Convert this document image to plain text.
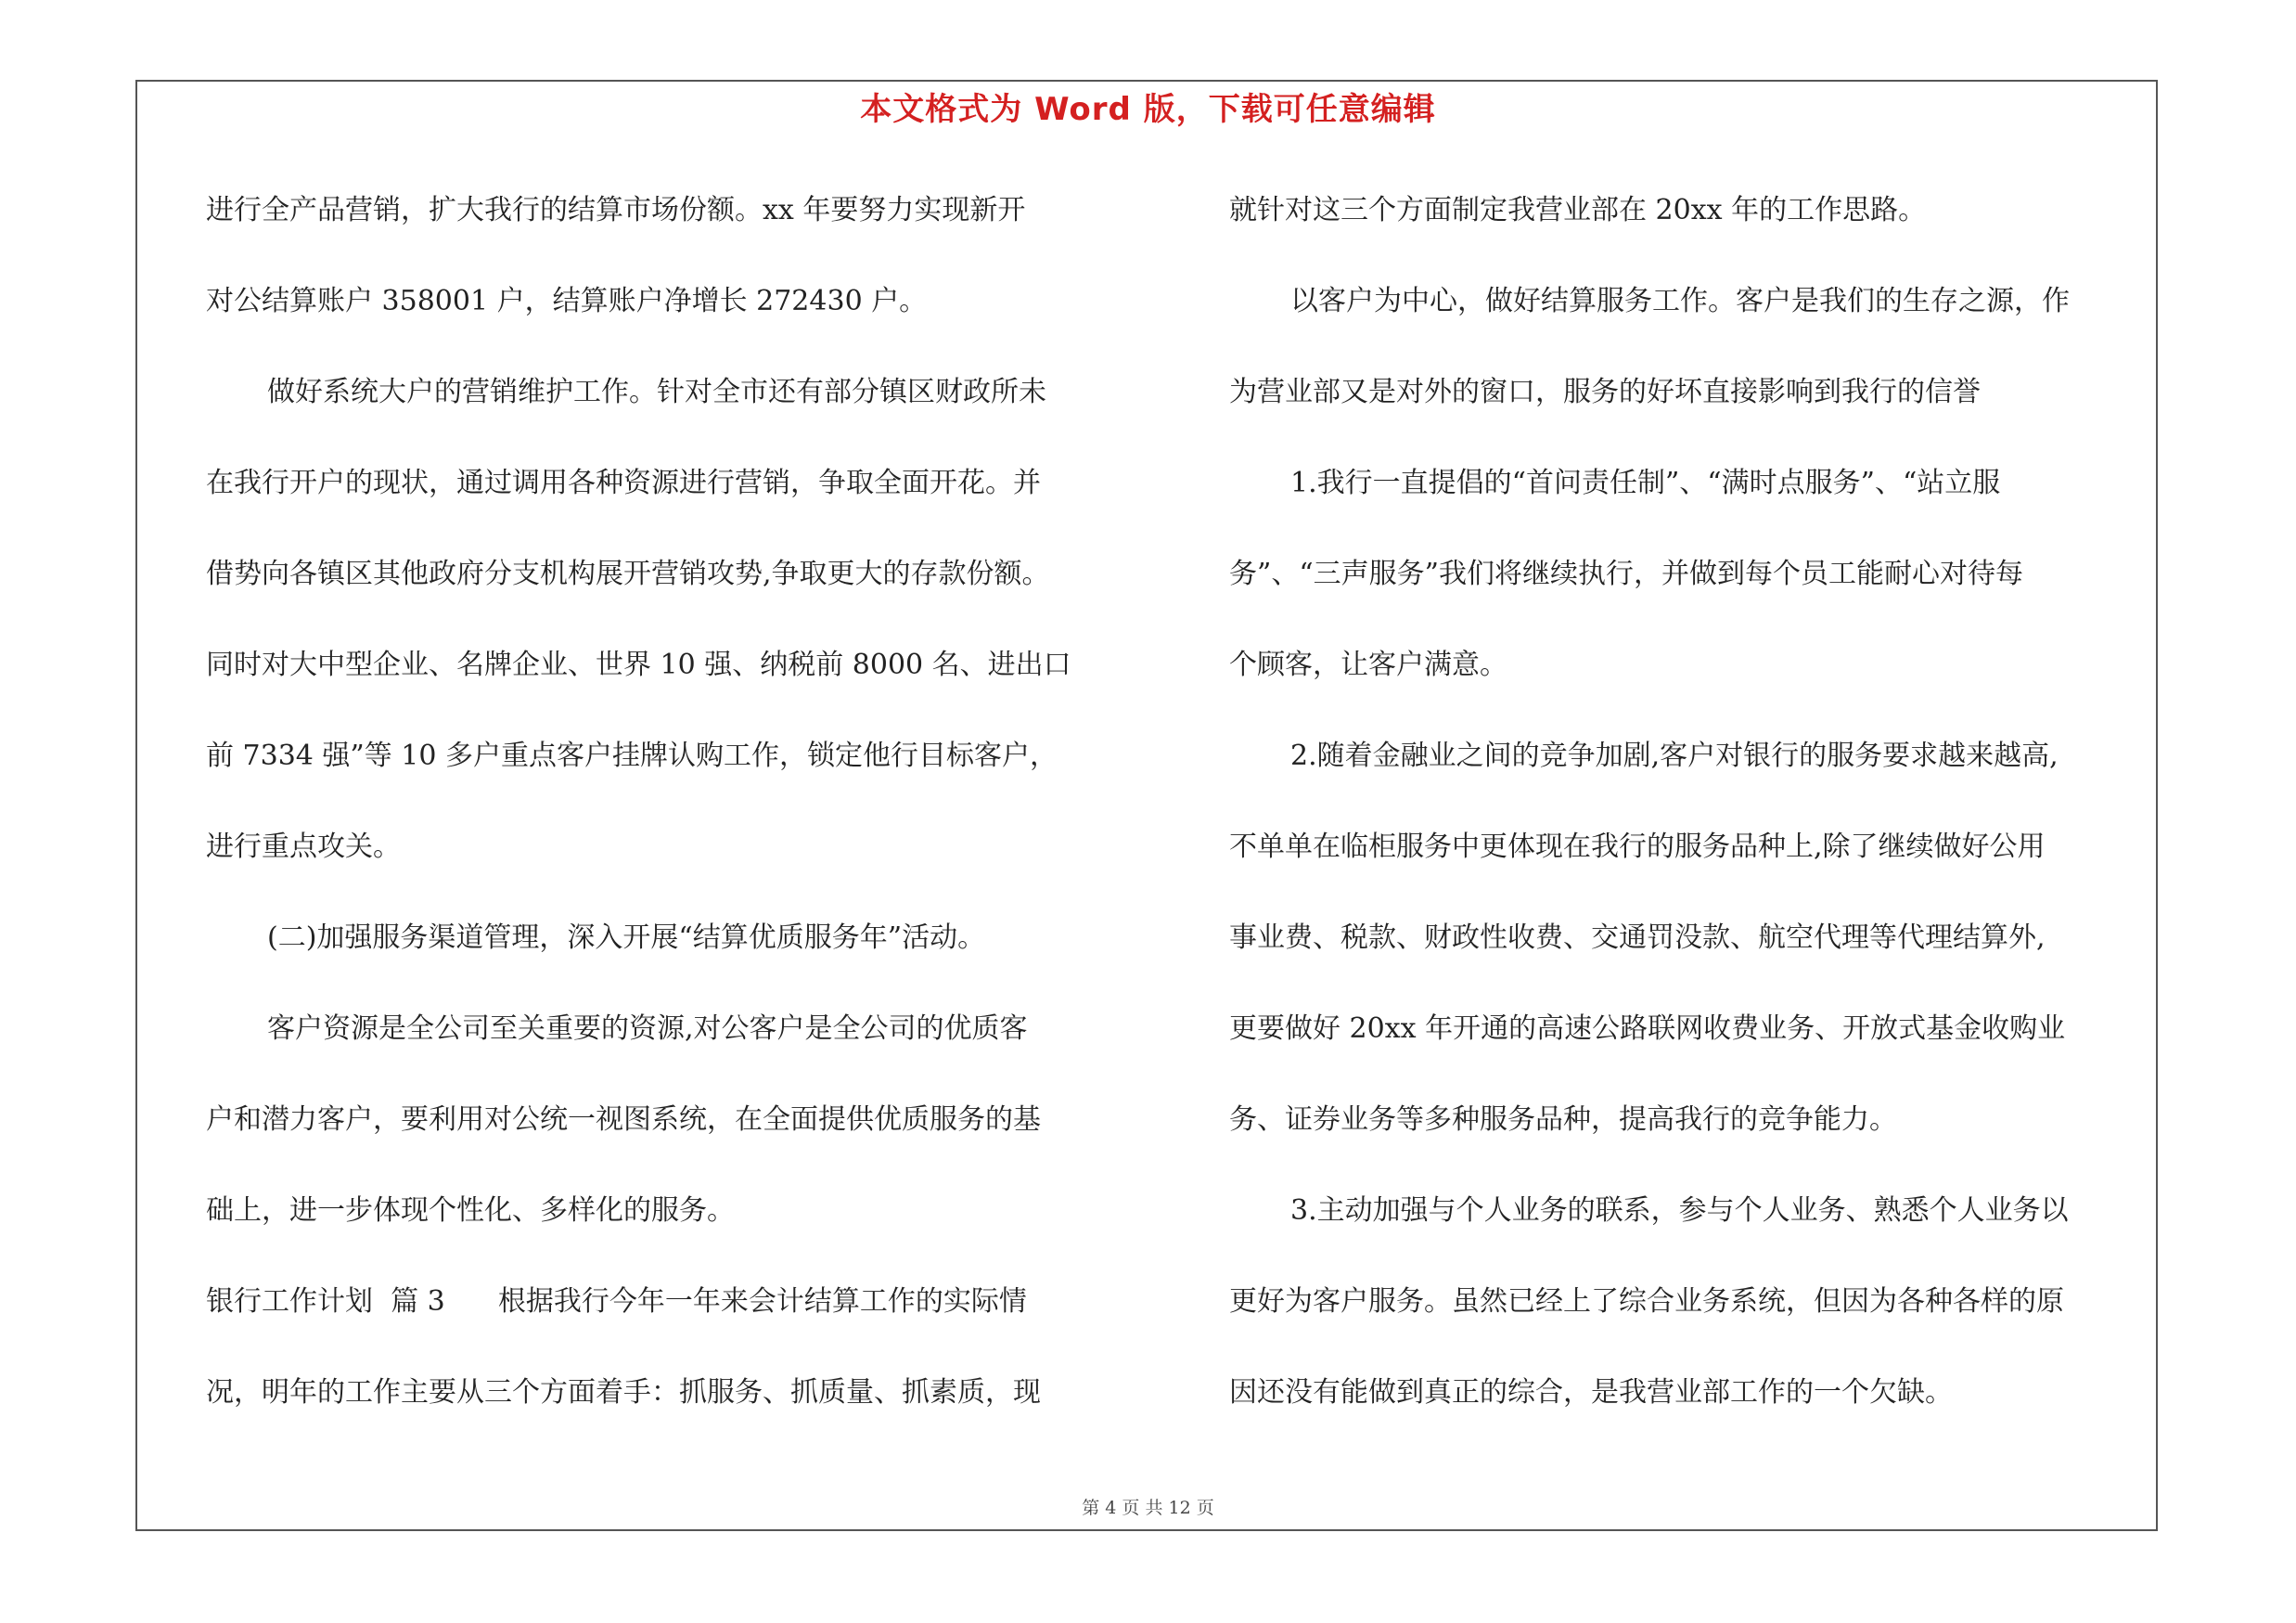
本文格式为 Word 版，下载可任意编辑
进行全产品营销，扩大我行的结算市场份额。xx 年要努力实现新开
对公结算账户 358001 户，结算账户净增长 272430 户。
做好系统大户的营销维护工作。针对全市还有部分镇区财政所未
在我行开户的现状，通过调用各种资源进行营销，争取全面开花。并
借势向各镇区其他政府分支机构展开营销攻势,争取更大的存款份额。
同时对大中型企业、名牌企业、世界 10 强、纳税前 8000 名、进出口
前 7334 强”等 10 多户重点客户挂牌认购工作，锁定他行目标客户，
进行重点攻关。
(二)加强服务渠道管理，深入开展“结算优质服务年”活动。
客户资源是全公司至关重要的资源,对公客户是全公司的优质客
户和潜力客户，要利用对公统一视图系统，在全面提供优质服务的基
础上，进一步体现个性化、多样化的服务。
银行工作计划  篇 3      根据我行今年一年来会计结算工作的实际情
况，明年的工作主要从三个方面着手：抓服务、抓质量、抓素质，现
就针对这三个方面制定我营业部在 20xx 年的工作思路。
以客户为中心，做好结算服务工作。客户是我们的生存之源，作
为营业部又是对外的窗口，服务的好坏直接影响到我行的信誉
1.我行一直提倡的“首问责任制”、“满时点服务”、“站立服
务”、“三声服务”我们将继续执行，并做到每个员工能耐心对待每
个顾客，让客户满意。
2.随着金融业之间的竞争加剧,客户对银行的服务要求越来越高,
不单单在临柜服务中更体现在我行的服务品种上,除了继续做好公用
事业费、税款、财政性收费、交通罚没款、航空代理等代理结算外,
更要做好 20xx 年开通的高速公路联网收费业务、开放式基金收购业
务、证券业务等多种服务品种，提高我行的竞争能力。
3.主动加强与个人业务的联系，参与个人业务、熟悉个人业务以
更好为客户服务。虽然已经上了综合业务系统，但因为各种各样的原
因还没有能做到真正的综合，是我营业部工作的一个欠缺。
第 4 页 共 12 页
